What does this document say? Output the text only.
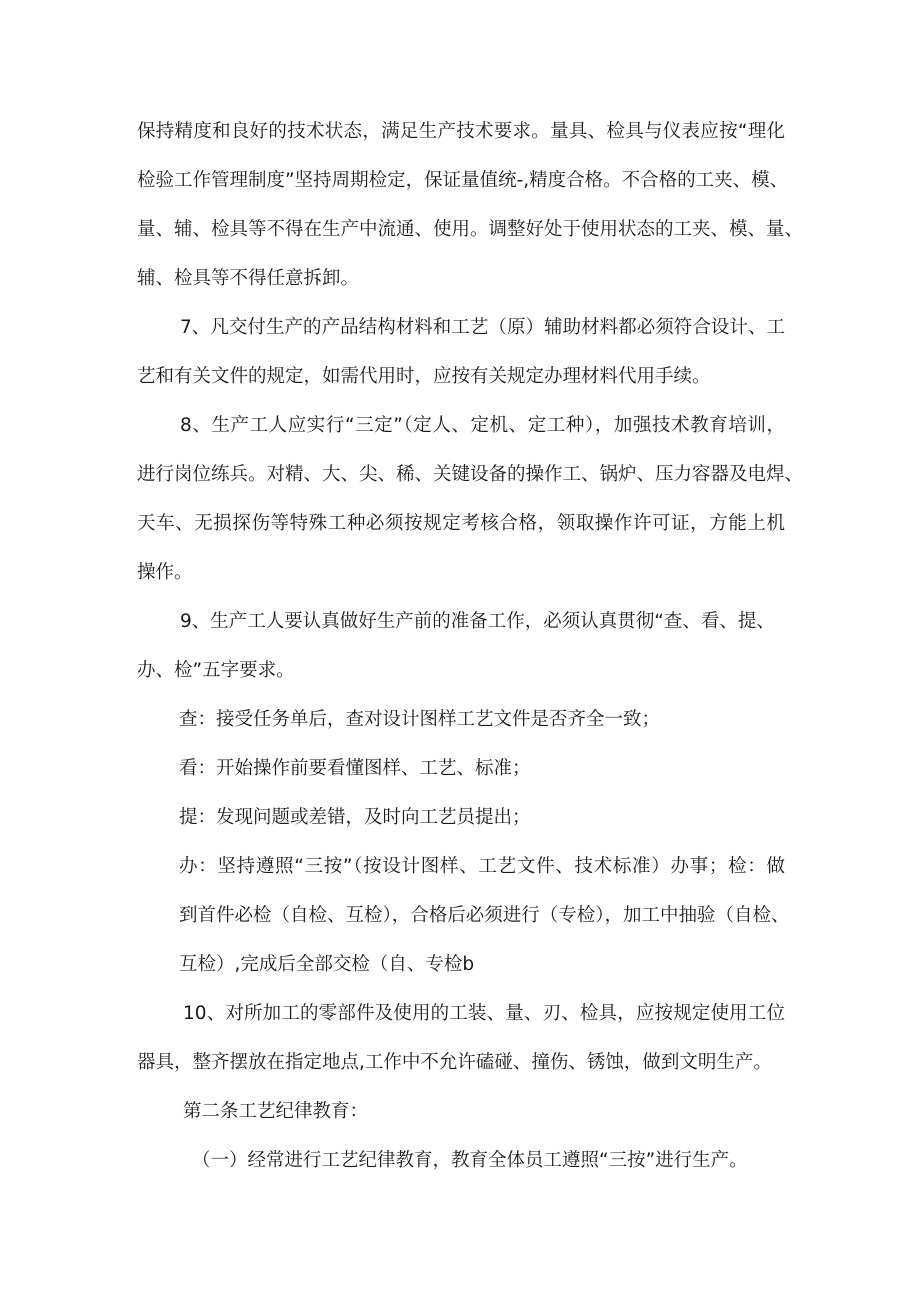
保持精度和良好的技术状态，满足生产技术要求。量具、检具与仪表应按“理化
检验工作管理制度”坚持周期检定，保证量值统-,精度合格。不合格的工夹、模、
量、辅、检具等不得在生产中流通、使用。调整好处于使用状态的工夹、模、量、
辅、检具等不得任意拆卸。
7、凡交付生产的产品结构材料和工艺（原）辅助材料都必须符合设计、工
艺和有关文件的规定，如需代用时，应按有关规定办理材料代用手续。
8、生产工人应实行“三定”（定人、定机、定工种），加强技术教育培训，
进行岗位练兵。对精、大、尖、稀、关键设备的操作工、锅炉、压力容器及电焊、
天车、无损探伤等特殊工种必须按规定考核合格，领取操作许可证，方能上机
操作。
9、生产工人要认真做好生产前的准备工作，必须认真贯彻“查、看、提、
办、检”五字要求。
查：接受任务单后，查对设计图样工艺文件是否齐全一致；
看：开始操作前要看懂图样、工艺、标准；
提：发现问题或差错，及时向工艺员提出；
办：坚持遵照“三按”（按设计图样、工艺文件、技术标准）办事；检：做
到首件必检（自检、互检），合格后必须进行（专检），加工中抽验（自检、
互检）,完成后全部交检（自、专检b
10、对所加工的零部件及使用的工装、量、刃、检具，应按规定使用工位
器具，整齐摆放在指定地点,工作中不允许磕碰、撞伤、锈蚀，做到文明生产。
第二条工艺纪律教育：
（一）经常进行工艺纪律教育，教育全体员工遵照“三按”进行生产。
